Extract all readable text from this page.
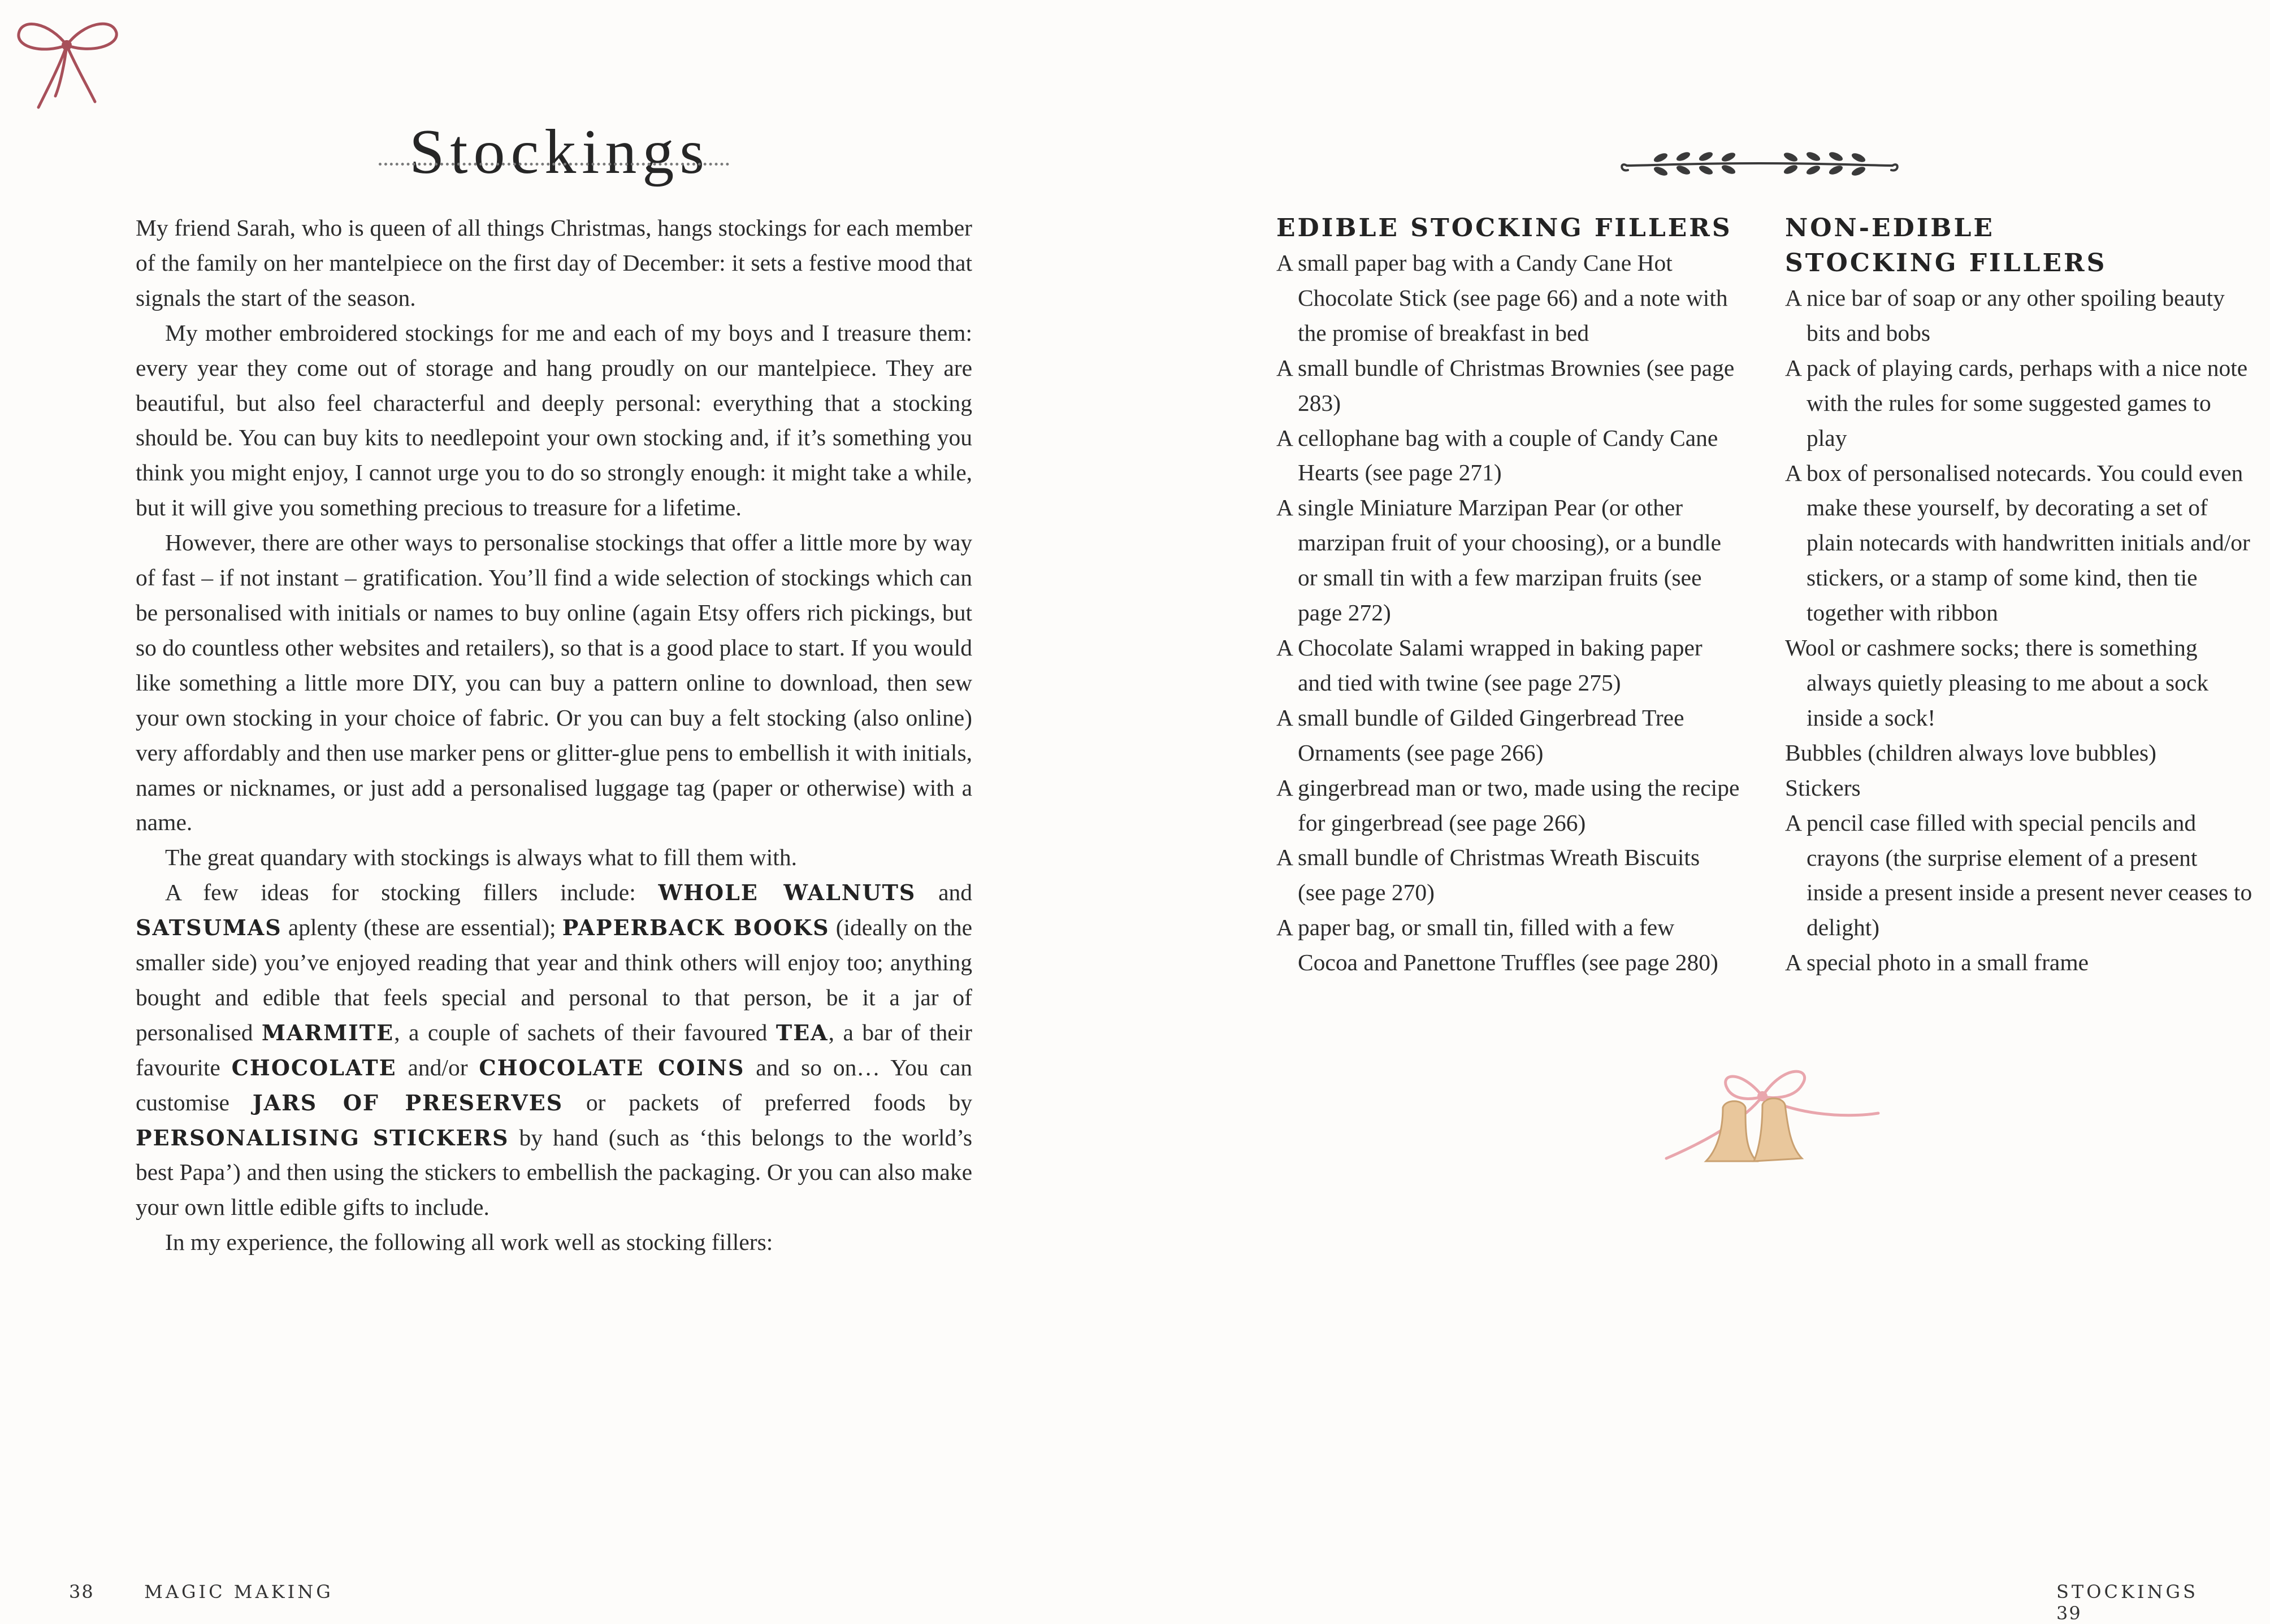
Stockings

My friend Sarah, who is queen of all things Christmas, hangs stockings for each member of the family on her mantelpiece on the first day of December: it sets a festive mood that signals the start of the season.

My mother embroidered stockings for me and each of my boys and I treasure them: every year they come out of storage and hang proudly on our mantelpiece. They are beautiful, but also feel characterful and deeply personal: everything that a stocking should be. You can buy kits to needlepoint your own stocking and, if it’s something you think you might enjoy, I cannot urge you to do so strongly enough: it might take a while, but it will give you something precious to treasure for a lifetime.

However, there are other ways to personalise stockings that offer a little more by way of fast – if not instant – gratification. You’ll find a wide selection of stockings which can be personalised with initials or names to buy online (again Etsy offers rich pickings, but so do countless other websites and retailers), so that is a good place to start. If you would like something a little more DIY, you can buy a pattern online to download, then sew your own stocking in your choice of fabric. Or you can buy a felt stocking (also online) very affordably and then use marker pens or glitter-glue pens to embellish it with initials, names or nicknames, or just add a personalised luggage tag (paper or otherwise) with a name.

The great quandary with stockings is always what to fill them with.

A few ideas for stocking fillers include: WHOLE WALNUTS and SATSUMAS aplenty (these are essential); PAPERBACK BOOKS (ideally on the smaller side) you’ve enjoyed reading that year and think others will enjoy too; anything bought and edible that feels special and personal to that person, be it a jar of personalised MARMITE, a couple of sachets of their favoured TEA, a bar of their favourite CHOCOLATE and/or CHOCOLATE COINS and so on… You can customise JARS OF PRESERVES or packets of preferred foods by PERSONALISING STICKERS by hand (such as ‘this belongs to the world’s best Papa’) and then using the stickers to embellish the packaging. Or you can also make your own little edible gifts to include.

In my experience, the following all work well as stocking fillers:

38	MAGIC MAKING
EDIBLE STOCKING FILLERS
A small paper bag with a Candy Cane Hot Chocolate Stick (see page 66) and a note with the promise of breakfast in bed
A small bundle of Christmas Brownies (see page 283)
A cellophane bag with a couple of Candy Cane Hearts (see page 271)
A single Miniature Marzipan Pear (or other marzipan fruit of your choosing), or a bundle or small tin with a few marzipan fruits (see page 272)
A Chocolate Salami wrapped in baking paper and tied with twine (see page 275)
A small bundle of Gilded Gingerbread Tree Ornaments (see page 266)
A gingerbread man or two, made using the recipe for gingerbread (see page 266)
A small bundle of Christmas Wreath Biscuits (see page 270)
A paper bag, or small tin, filled with a few Cocoa and Panettone Truffles (see page 280)
NON-EDIBLE STOCKING FILLERS
A nice bar of soap or any other spoiling beauty bits and bobs
A pack of playing cards, perhaps with a nice note with the rules for some suggested games to play
A box of personalised notecards. You could even make these yourself, by decorating a set of plain notecards with handwritten initials and/or stickers, or a stamp of some kind, then tie together with ribbon
Wool or cashmere socks; there is something always quietly pleasing to me about a sock inside a sock!
Bubbles (children always love bubbles)
Stickers
A pencil case filled with special pencils and crayons (the surprise element of a present inside a present inside a present never ceases to delight)
A special photo in a small frame
STOCKINGS  39
